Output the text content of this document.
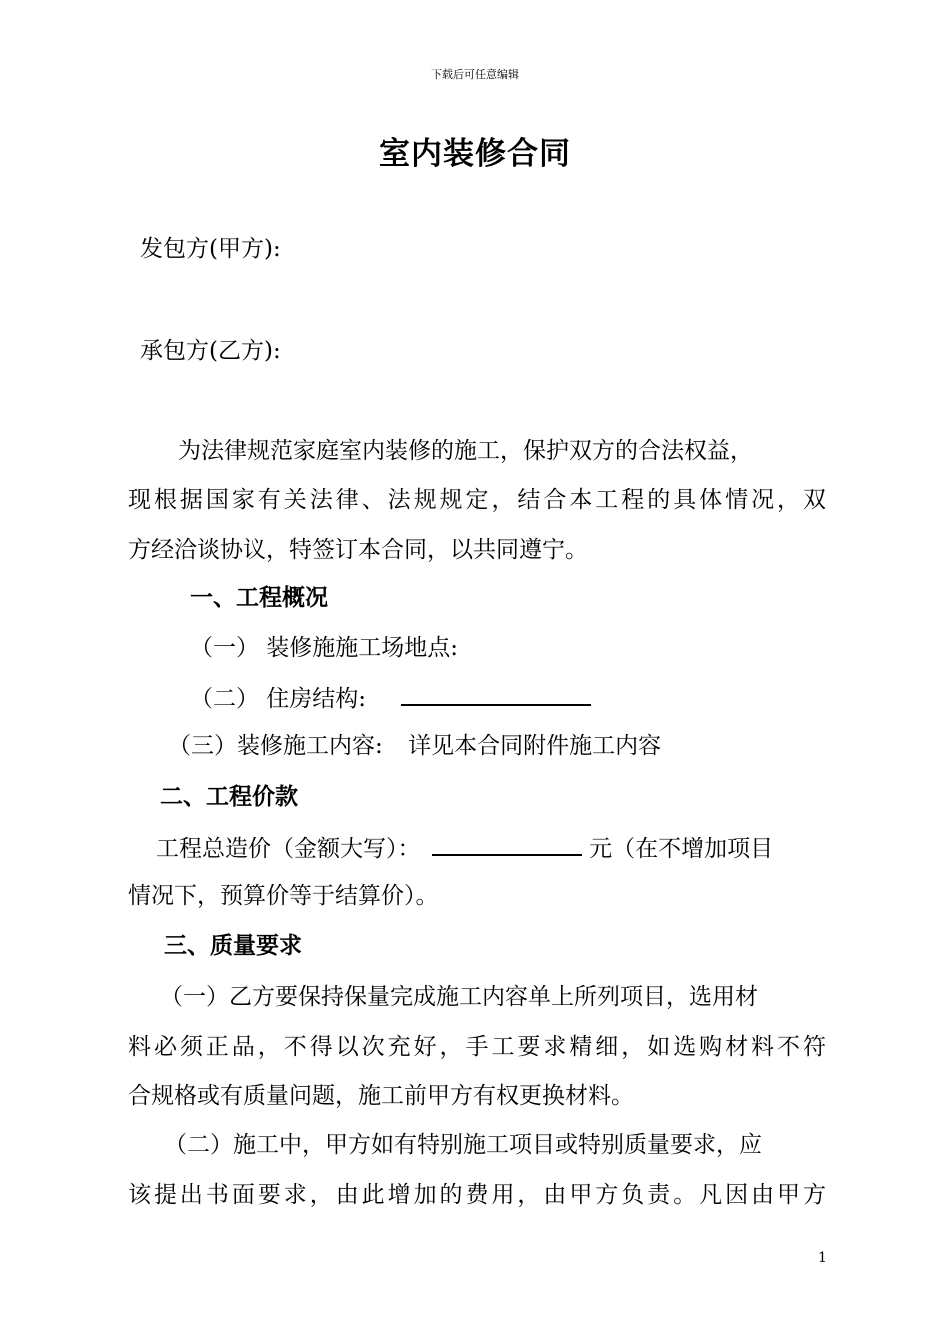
下载后可任意编辑
室内装修合同
发包方(甲方):
承包方(乙方):
为法律规范家庭室内装修的施工，保护双方的合法权益，
现根据国家有关法律、法规规定，结合本工程的具体情况，双
方经洽谈协议，特签订本合同，以共同遵宁。
一、工程概况
（一） 装修施施工场地点:
（二） 住房结构:
（三）装修施工内容: 详见本合同附件施工内容
二、工程价款
工程总造价（金额大写）：	元（在不增加项目
情况下，预算价等于结算价）。
三、质量要求
（一）乙方要保持保量完成施工内容单上所列项目，选用材
料必须正品，不得以次充好，手工要求精细，如选购材料不符
合规格或有质量问题，施工前甲方有权更换材料。
（二）施工中，甲方如有特别施工项目或特别质量要求，应
该提出书面要求，由此增加的费用，由甲方负责。凡因由甲方
1
